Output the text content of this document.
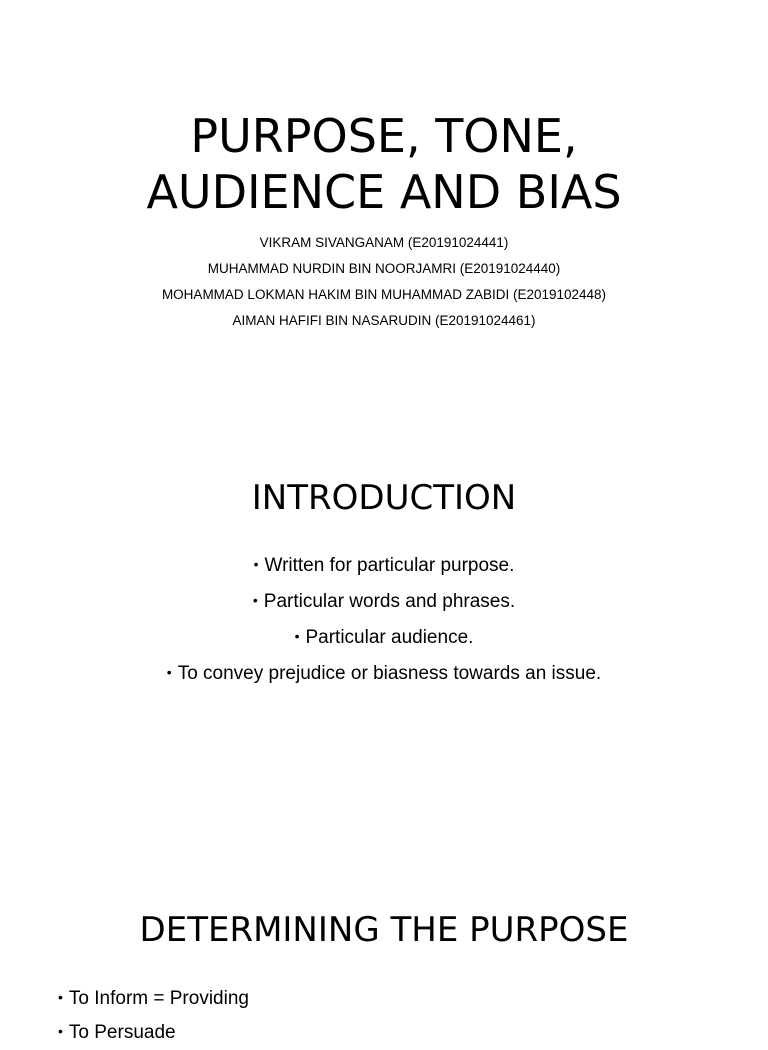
PURPOSE, TONE,
AUDIENCE AND BIAS
VIKRAM SIVANGANAM (E20191024441)
MUHAMMAD NURDIN BIN NOORJAMRI (E20191024440)
MOHAMMAD LOKMAN HAKIM BIN MUHAMMAD ZABIDI (E2019102448)
AIMAN HAFIFI BIN NASARUDIN (E20191024461)
INTRODUCTION
• Written for particular purpose.
• Particular words and phrases.
• Particular audience.
• To convey prejudice or biasness towards an issue.
DETERMINING THE PURPOSE
• To Inform = Providing
• To Persuade
